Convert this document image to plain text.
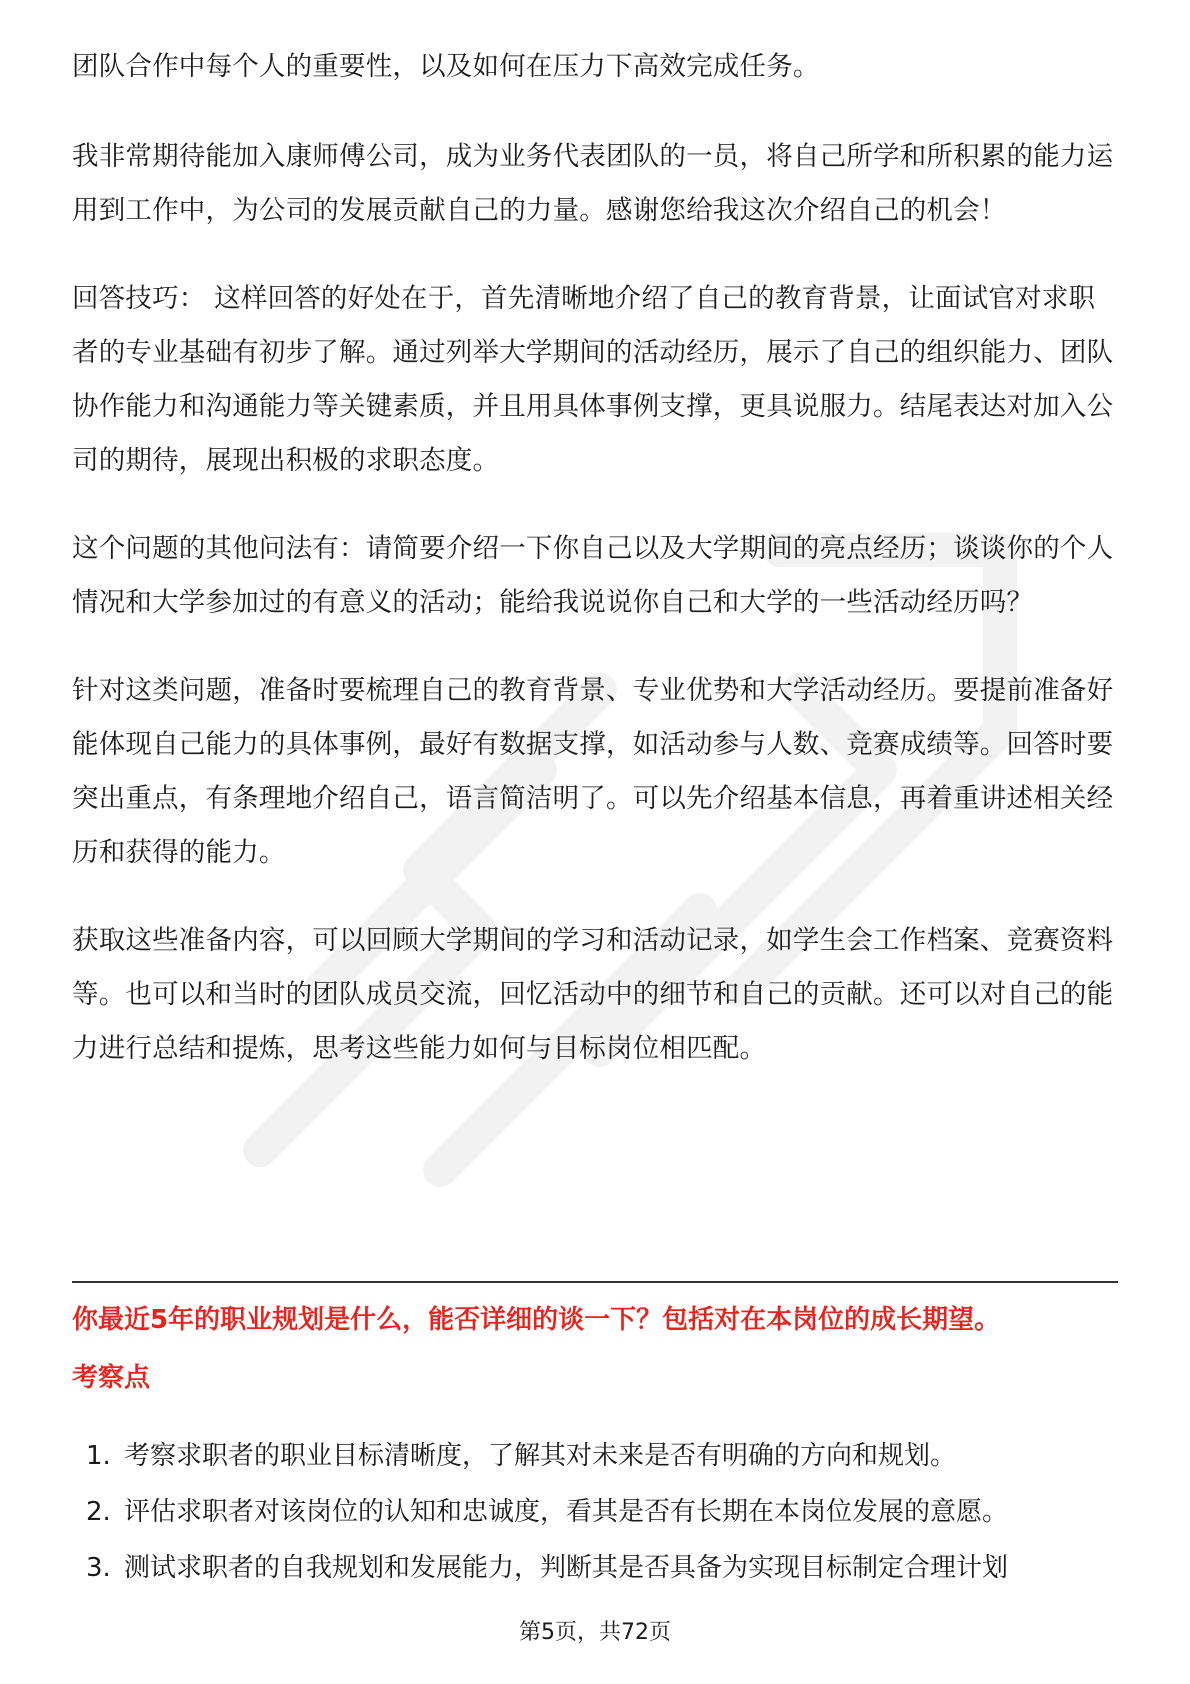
团队合作中每个人的重要性，以及如何在压力下高效完成任务。

我非常期待能加入康师傅公司，成为业务代表团队的一员，将自己所学和所积累的能力运用到工作中，为公司的发展贡献自己的力量。感谢您给我这次介绍自己的机会！

回答技巧： 这样回答的好处在于，首先清晰地介绍了自己的教育背景，让面试官对求职者的专业基础有初步了解。通过列举大学期间的活动经历，展示了自己的组织能力、团队协作能力和沟通能力等关键素质，并且用具体事例支撑，更具说服力。结尾表达对加入公司的期待，展现出积极的求职态度。

这个问题的其他问法有：请简要介绍一下你自己以及大学期间的亮点经历；谈谈你的个人情况和大学参加过的有意义的活动；能给我说说你自己和大学的一些活动经历吗？

针对这类问题，准备时要梳理自己的教育背景、专业优势和大学活动经历。要提前准备好能体现自己能力的具体事例，最好有数据支撑，如活动参与人数、竞赛成绩等。回答时要突出重点，有条理地介绍自己，语言简洁明了。可以先介绍基本信息，再着重讲述相关经历和获得的能力。

获取这些准备内容，可以回顾大学期间的学习和活动记录，如学生会工作档案、竞赛资料等。也可以和当时的团队成员交流，回忆活动中的细节和自己的贡献。还可以对自己的能力进行总结和提炼，思考这些能力如何与目标岗位相匹配。

你最近5年的职业规划是什么，能否详细的谈一下？包括对在本岗位的成长期望。
考察点
1. 考察求职者的职业目标清晰度，了解其对未来是否有明确的方向和规划。
2. 评估求职者对该岗位的认知和忠诚度，看其是否有长期在本岗位发展的意愿。
3. 测试求职者的自我规划和发展能力，判断其是否具备为实现目标制定合理计划
第5页，共72页
